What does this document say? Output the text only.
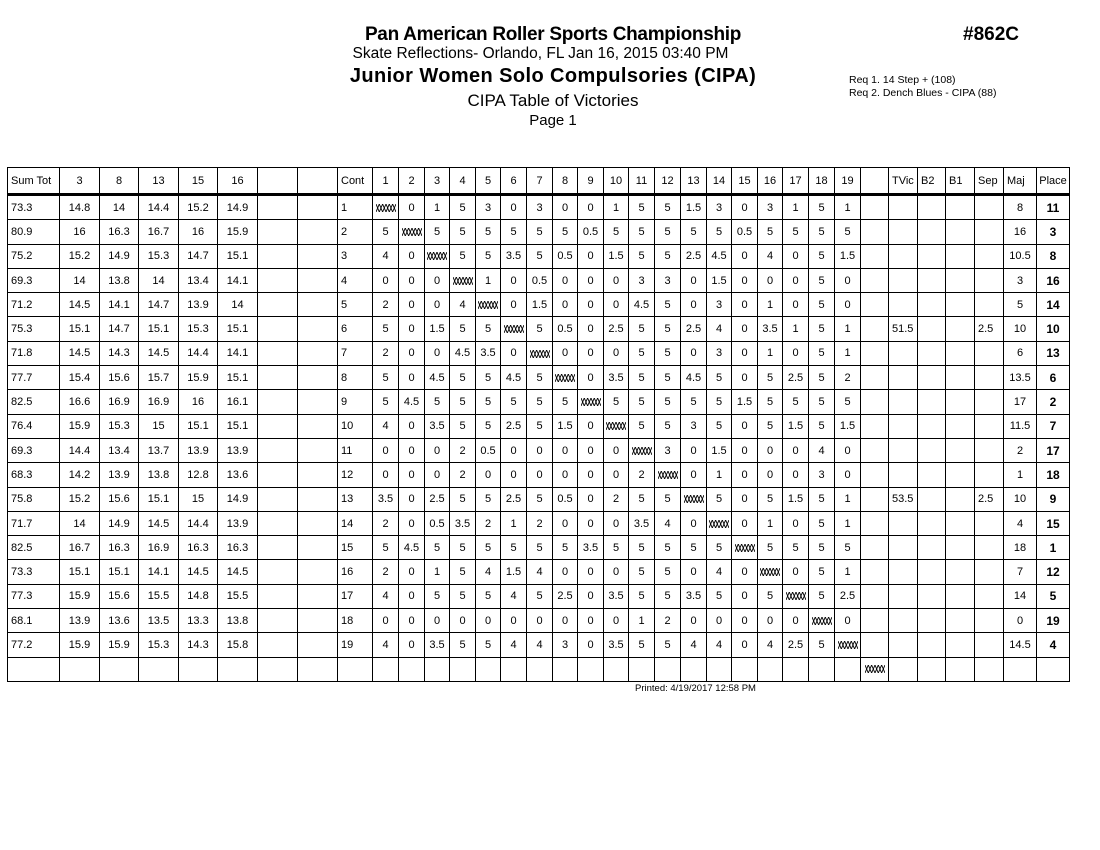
Pan American Roller Sports Championship
Skate Reflections- Orlando, FL Jan 16, 2015 03:40 PM
Junior Women Solo Compulsories (CIPA)
CIPA Table of Victories
Page 1
#862C
Req 1. 14 Step + (108)
Req 2. Dench Blues - CIPA (88)
Sum Tot	3	8	13	15	16			Cont	1	2	3	4	5	6	7	8	9	10	11	12	13	14	15	16	17	18	19		TVic	B2	B1	Sep	Maj	Place	
73.3	14.8	14	14.4	15.2	14.9			1		0	1	5	3	0	3	0	0	1	5	5	1.5	3	0	3	1	5	1						8	11	
80.9	16	16.3	16.7	16	15.9			2	5		5	5	5	5	5	5	0.5	5	5	5	5	5	0.5	5	5	5	5						16	3	
75.2	15.2	14.9	15.3	14.7	15.1			3	4	0		5	5	3.5	5	0.5	0	1.5	5	5	2.5	4.5	0	4	0	5	1.5						10.5	8	
69.3	14	13.8	14	13.4	14.1			4	0	0	0		1	0	0.5	0	0	0	3	3	0	1.5	0	0	0	5	0						3	16	
71.2	14.5	14.1	14.7	13.9	14			5	2	0	0	4		0	1.5	0	0	0	4.5	5	0	3	0	1	0	5	0						5	14	
75.3	15.1	14.7	15.1	15.3	15.1			6	5	0	1.5	5	5		5	0.5	0	2.5	5	5	2.5	4	0	3.5	1	5	1		51.5			2.5	10	10	
71.8	14.5	14.3	14.5	14.4	14.1			7	2	0	0	4.5	3.5	0		0	0	0	5	5	0	3	0	1	0	5	1						6	13	
77.7	15.4	15.6	15.7	15.9	15.1			8	5	0	4.5	5	5	4.5	5		0	3.5	5	5	4.5	5	0	5	2.5	5	2						13.5	6	
82.5	16.6	16.9	16.9	16	16.1			9	5	4.5	5	5	5	5	5	5		5	5	5	5	5	1.5	5	5	5	5						17	2	
76.4	15.9	15.3	15	15.1	15.1			10	4	0	3.5	5	5	2.5	5	1.5	0		5	5	3	5	0	5	1.5	5	1.5						11.5	7	
69.3	14.4	13.4	13.7	13.9	13.9			11	0	0	0	2	0.5	0	0	0	0	0		3	0	1.5	0	0	0	4	0						2	17	
68.3	14.2	13.9	13.8	12.8	13.6			12	0	0	0	2	0	0	0	0	0	0	2		0	1	0	0	0	3	0						1	18	
75.8	15.2	15.6	15.1	15	14.9			13	3.5	0	2.5	5	5	2.5	5	0.5	0	2	5	5		5	0	5	1.5	5	1		53.5			2.5	10	9	
71.7	14	14.9	14.5	14.4	13.9			14	2	0	0.5	3.5	2	1	2	0	0	0	3.5	4	0		0	1	0	5	1						4	15	
82.5	16.7	16.3	16.9	16.3	16.3			15	5	4.5	5	5	5	5	5	5	3.5	5	5	5	5	5		5	5	5	5						18	1	
73.3	15.1	15.1	14.1	14.5	14.5			16	2	0	1	5	4	1.5	4	0	0	0	5	5	0	4	0		0	5	1						7	12	
77.3	15.9	15.6	15.5	14.8	15.5			17	4	0	5	5	5	4	5	2.5	0	3.5	5	5	3.5	5	0	5		5	2.5						14	5	
68.1	13.9	13.6	13.5	13.3	13.8			18	0	0	0	0	0	0	0	0	0	0	1	2	0	0	0	0	0		0						0	19	
77.2	15.9	15.9	15.3	14.3	15.8			19	4	0	3.5	5	5	4	4	3	0	3.5	5	5	4	4	0	4	2.5	5							14.5	4	

Printed: 4/19/2017 12:58 PM
